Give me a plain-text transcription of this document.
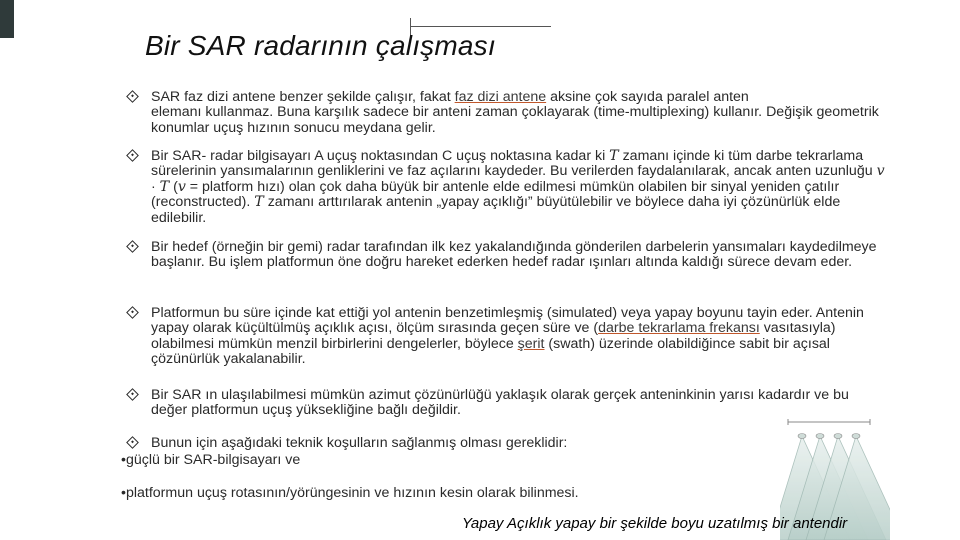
Bir SAR radarının çalışması
SAR faz dizi antene benzer şekilde çalışır, fakat faz dizi antene aksine çok sayıda paralel anten
elemanı kullanmaz. Buna karşılık sadece bir anteni zaman çoklayarak (time-multiplexing) kullanır. Değişik geometrik konumlar uçuş hızının sonucu meydana gelir.
Bir SAR- radar bilgisayarı A uçuş noktasından C uçuş noktasına kadar ki T zamanı içinde ki tüm darbe tekrarlama sürelerinin yansımalarının genliklerini ve faz açılarını kaydeder. Bu verilerden faydalanılarak, ancak anten uzunluğu v · T (v = platform hızı) olan çok daha büyük bir antenle elde edilmesi mümkün olabilen bir sinyal yeniden çatılır (reconstructed). T zamanı arttırılarak antenin „yapay açıklığı” büyütülebilir ve böylece daha iyi çözünürlük elde edilebilir.
Bir hedef (örneğin bir gemi) radar tarafından ilk kez yakalandığında gönderilen darbelerin yansımaları kaydedilmeye başlanır. Bu işlem platformun öne doğru hareket ederken hedef radar ışınları altında kaldığı sürece devam eder.
Platformun bu süre içinde kat ettiği yol antenin benzetimleşmiş (simulated) veya yapay boyunu tayin eder. Antenin yapay olarak küçültülmüş açıklık açısı, ölçüm sırasında geçen süre ve (darbe tekrarlama frekansı vasıtasıyla) olabilmesi mümkün menzil birbirlerini dengelerler, böylece şerit (swath) üzerinde olabildiğince sabit bir açısal çözünürlük yakalanabilir.
Bir SAR ın ulaşılabilmesi mümkün azimut çözünürlüğü yaklaşık olarak gerçek anteninkinin yarısı kadardır ve bu değer platformun uçuş yüksekliğine bağlı değildir.
Bunun için aşağıdaki teknik koşulların sağlanmış olması gereklidir:
•güçlü bir SAR-bilgisayarı ve
•platformun uçuş rotasının/yörüngesinin ve hızının kesin olarak bilinmesi.
Yapay Açıklık yapay bir şekilde boyu uzatılmış bir antendir
